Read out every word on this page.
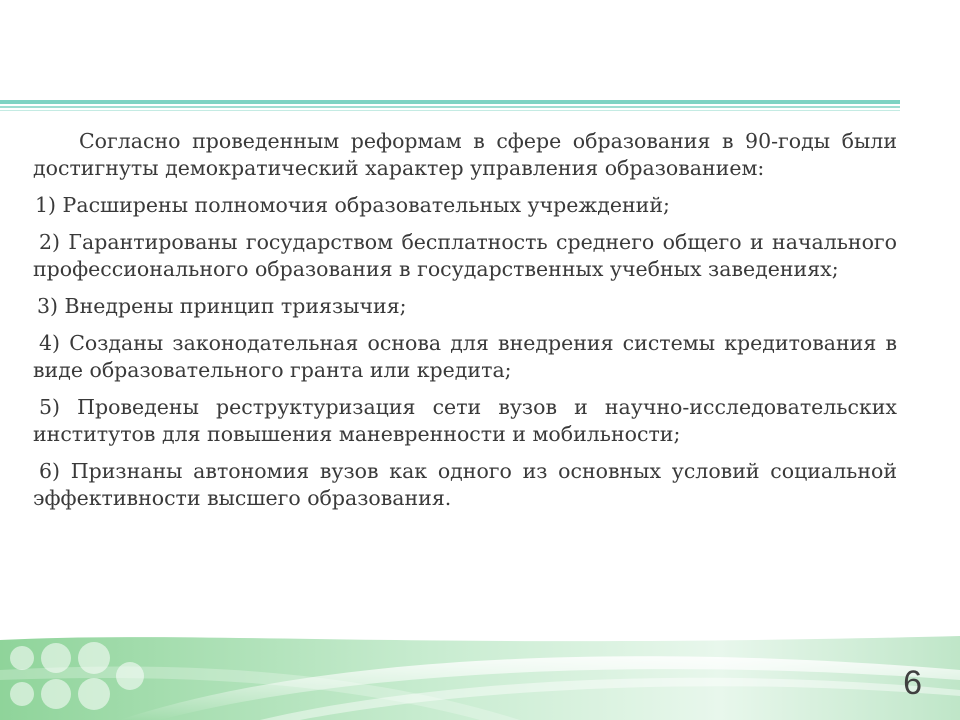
Согласно проведенным реформам в сфере образования в 90-годы были достигнуты демократический характер управления образованием:

1) Расширены полномочия образовательных учреждений;

2) Гарантированы государством бесплатность среднего общего и начального профессионального образования в государственных учебных заведениях;

3) Внедрены принцип триязычия;

4) Созданы законодательная основа для внедрения системы кредитования в виде образовательного гранта или кредита;

5) Проведены реструктуризация сети вузов и научно-исследовательских институтов для повышения маневренности и мобильности;

6) Признаны автономия вузов как одного из основных условий социальной эффективности высшего образования.

6
